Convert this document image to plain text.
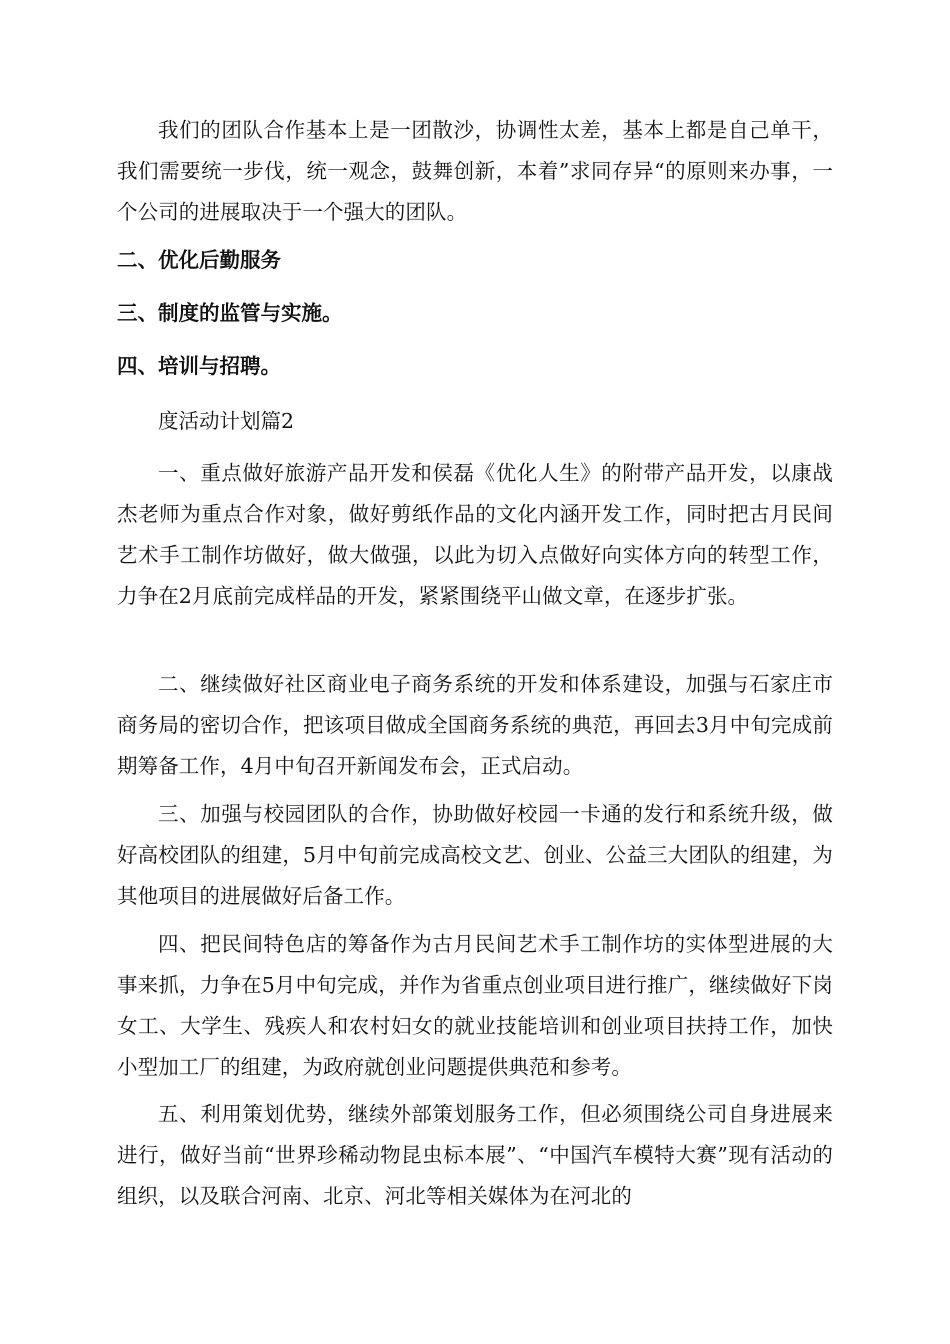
我们的团队合作基本上是一团散沙，协调性太差，基本上都是自己单干，我们需要统一步伐，统一观念，鼓舞创新，本着”求同存异“的原则来办事，一个公司的进展取决于一个强大的团队。

二、优化后勤服务

三、制度的监管与实施。

四、培训与招聘。

度活动计划篇2

一、重点做好旅游产品开发和侯磊《优化人生》的附带产品开发，以康战杰老师为重点合作对象，做好剪纸作品的文化内涵开发工作，同时把古月民间艺术手工制作坊做好，做大做强，以此为切入点做好向实体方向的转型工作，力争在2月底前完成样品的开发，紧紧围绕平山做文章，在逐步扩张。

二、继续做好社区商业电子商务系统的开发和体系建设，加强与石家庄市商务局的密切合作，把该项目做成全国商务系统的典范，再回去3月中旬完成前期筹备工作，4月中旬召开新闻发布会，正式启动。

三、加强与校园团队的合作，协助做好校园一卡通的发行和系统升级，做好高校团队的组建，5月中旬前完成高校文艺、创业、公益三大团队的组建，为其他项目的进展做好后备工作。

四、把民间特色店的筹备作为古月民间艺术手工制作坊的实体型进展的大事来抓，力争在5月中旬完成，并作为省重点创业项目进行推广，继续做好下岗女工、大学生、残疾人和农村妇女的就业技能培训和创业项目扶持工作，加快小型加工厂的组建，为政府就创业问题提供典范和参考。

五、利用策划优势，继续外部策划服务工作，但必须围绕公司自身进展来进行，做好当前“世界珍稀动物昆虫标本展”、“中国汽车模特大赛”现有活动的组织，以及联合河南、北京、河北等相关媒体为在河北的
